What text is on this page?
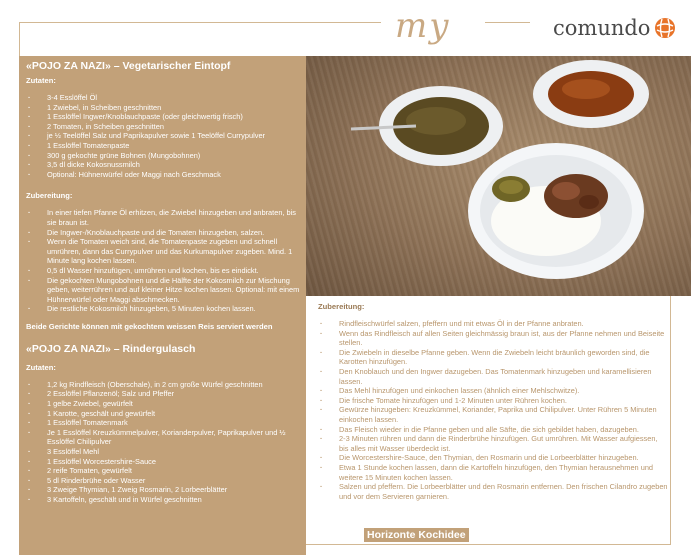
my	comundo
«POJO ZA NAZI» – Vegetarischer Eintopf
Zutaten:
· 3-4 Esslöffel Öl
· 1 Zwiebel, in Scheiben geschnitten
· 1 Esslöffel Ingwer/Knoblauchpaste (oder gleichwertig frisch)
· 2 Tomaten, in Scheiben geschnitten
· je ½ Teelöffel Salz und Paprikapulver sowie 1 Teelöffel Currypulver
· 1 Esslöffel Tomatenpaste
· 300 g gekochte grüne Bohnen (Mungobohnen)
· 3,5 dl dicke Kokosnussmilch
· Optional: Hühnerwürfel oder Maggi nach Geschmack
Zubereitung:
· In einer tiefen Pfanne Öl erhitzen, die Zwiebel hinzugeben und anbraten, bis sie braun ist.
· Die Ingwer-/Knoblauchpaste und die Tomaten hinzugeben, salzen.
· Wenn die Tomaten weich sind, die Tomatenpaste zugeben und schnell umrühren, dann das Currypulver und das Kurkumapulver zugeben. Mind. 1 Minute lang kochen lassen.
· 0,5 dl Wasser hinzufügen, umrühren und kochen, bis es eindickt.
· Die gekochten Mungobohnen und die Hälfte der Kokosmilch zur Mischung geben, weiterrühren und auf kleiner Hitze kochen lassen. Optional: mit einem Hühnerwürfel oder Maggi abschmecken.
· Die restliche Kokosmilch hinzugeben, 5 Minuten kochen lassen.
Beide Gerichte können mit gekochtem weissen Reis serviert werden
«POJO ZA NAZI» – Rindergulasch
Zutaten:
· 1,2 kg Rindfleisch (Oberschale), in 2 cm große Würfel geschnitten
· 2 Esslöffel Pflanzenöl; Salz und Pfeffer
· 1 gelbe Zwiebel, gewürfelt
· 1 Karotte, geschält und gewürfelt
· 1 Esslöffel Tomatenmark
· Je 1 Esslöffel Kreuzkümmelpulver, Korianderpulver, Paprikapulver und ½ Esslöffel Chilipulver
· 3 Esslöffel Mehl
· 1 Esslöffel Worcestershire-Sauce
· 2 reife Tomaten, gewürfelt
· 5 dl Rinderbrühe oder Wasser
· 3 Zweige Thymian, 1 Zweig Rosmarin, 2 Lorbeerblätter
· 3 Kartoffeln, geschält und in Würfel geschnitten
Zubereitung:
· Rindfleischwürfel salzen, pfeffern und mit etwas Öl in der Pfanne anbraten.
· Wenn das Rindfleisch auf allen Seiten gleichmässig braun ist, aus der Pfanne nehmen und Beiseite stellen.
· Die Zwiebeln in dieselbe Pfanne geben. Wenn die Zwiebeln leicht bräunlich geworden sind, die Karotten hinzufügen.
· Den Knoblauch und den Ingwer dazugeben. Das Tomatenmark hinzugeben und karamellisieren lassen.
· Das Mehl hinzufügen und einkochen lassen (ähnlich einer Mehlschwitze).
· Die frische Tomate hinzufügen und 1-2 Minuten unter Rühren kochen.
· Gewürze hinzugeben: Kreuzkümmel, Koriander, Paprika und Chilipulver. Unter Rühren 5 Minuten einkochen lassen.
· Das Fleisch wieder in die Pfanne geben und alle Säfte, die sich gebildet haben, dazugeben.
· 2-3 Minuten rühren und dann die Rinderbrühe hinzufügen. Gut umrühren. Mit Wasser aufgiessen, bis alles mit Wasser überdeckt ist.
· Die Worcestershire-Sauce, den Thymian, den Rosmarin und die Lorbeerblätter hinzugeben.
· Etwa 1 Stunde kochen lassen, dann die Kartoffeln hinzufügen, den Thymian herausnehmen und weitere 15 Minuten kochen lassen.
· Salzen und pfeffern. Die Lorbeerblätter und den Rosmarin entfernen. Den frischen Cilandro zugeben und vor dem Servieren garnieren.
Horizonte Kochidee
